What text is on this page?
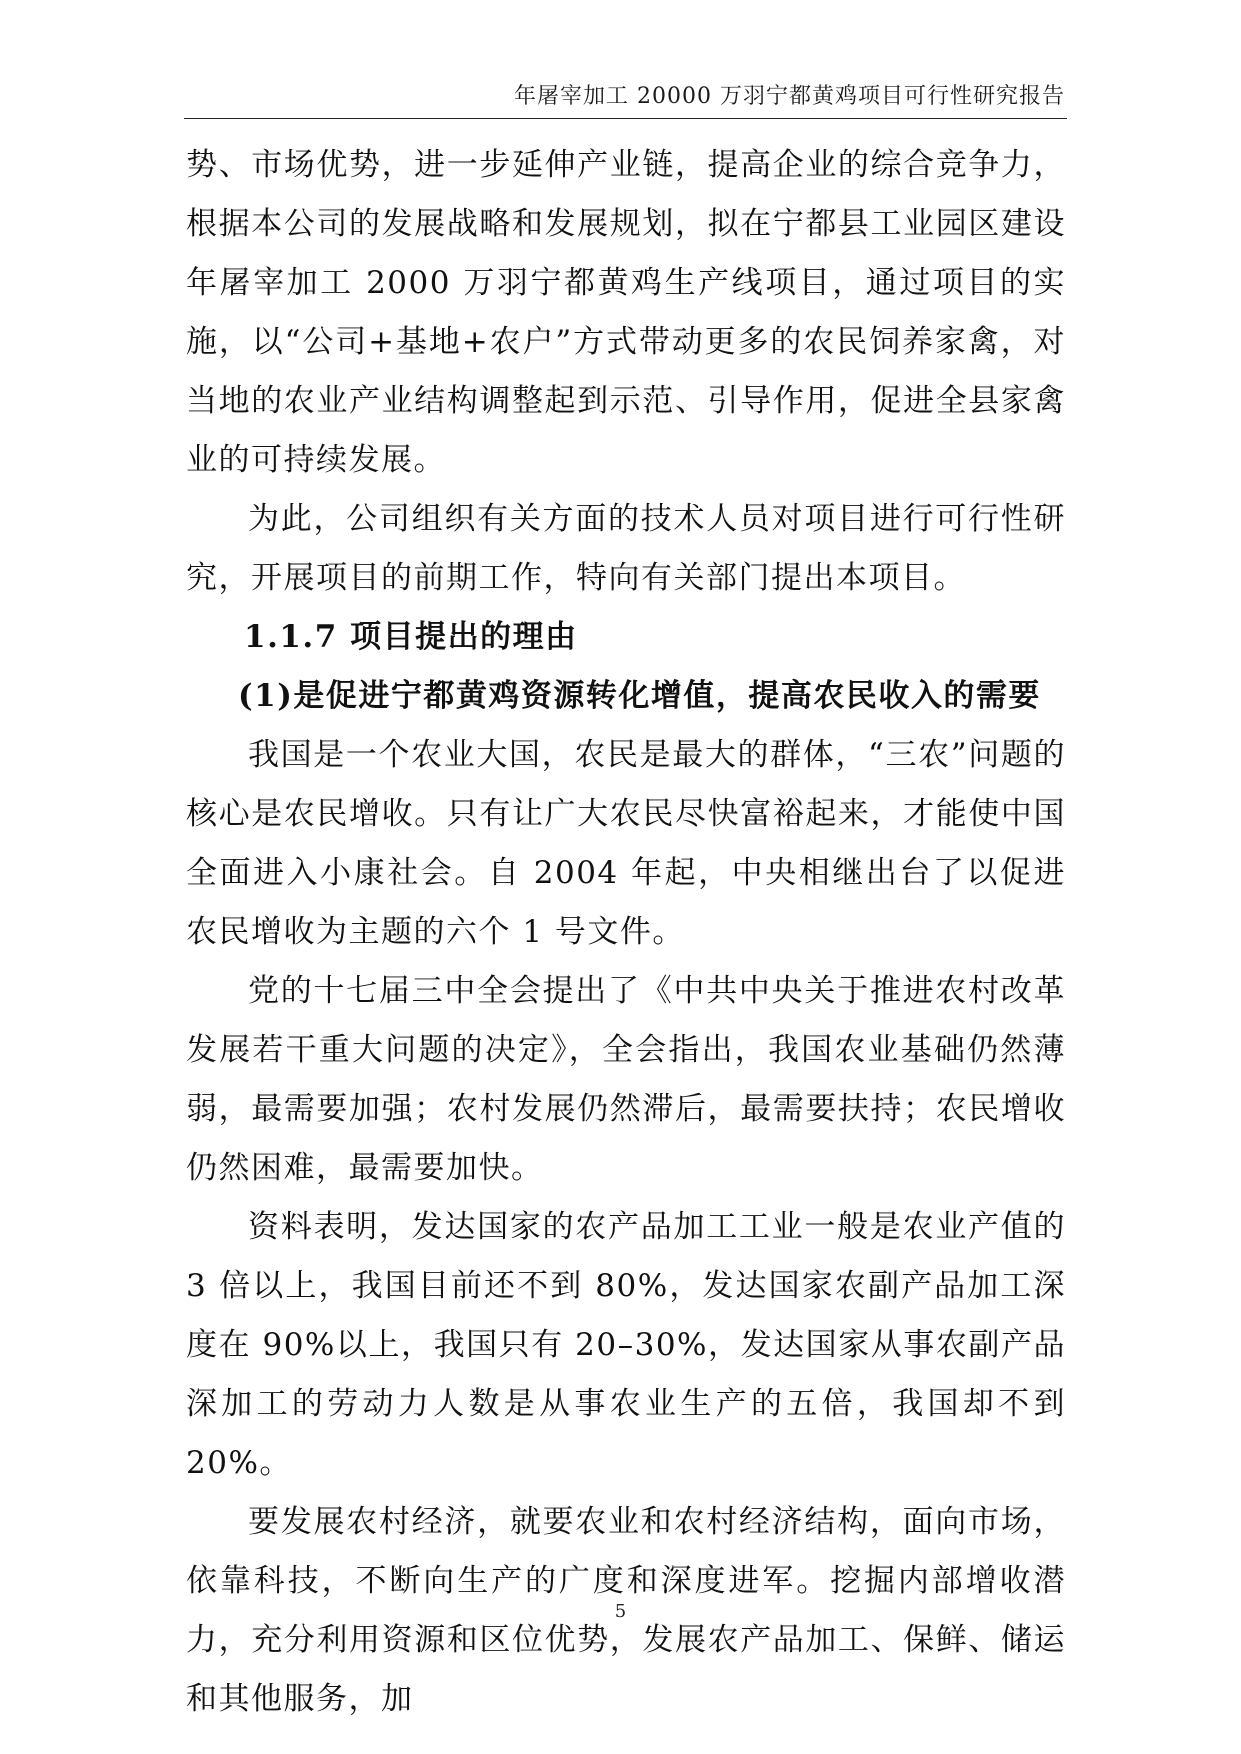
年屠宰加工 20000 万羽宁都黄鸡项目可行性研究报告

势、市场优势，进一步延伸产业链，提高企业的综合竞争力，根据本公司的发展战略和发展规划，拟在宁都县工业园区建设年屠宰加工 2000 万羽宁都黄鸡生产线项目，通过项目的实施，以“公司+基地+农户”方式带动更多的农民饲养家禽，对当地的农业产业结构调整起到示范、引导作用，促进全县家禽业的可持续发展。

为此，公司组织有关方面的技术人员对项目进行可行性研究，开展项目的前期工作，特向有关部门提出本项目。

1.1.7 项目提出的理由

(1)是促进宁都黄鸡资源转化增值，提高农民收入的需要

我国是一个农业大国，农民是最大的群体，“三农”问题的核心是农民增收。只有让广大农民尽快富裕起来，才能使中国全面进入小康社会。自 2004 年起，中央相继出台了以促进农民增收为主题的六个 1 号文件。

党的十七届三中全会提出了《中共中央关于推进农村改革发展若干重大问题的决定》，全会指出，我国农业基础仍然薄弱，最需要加强；农村发展仍然滞后，最需要扶持；农民增收仍然困难，最需要加快。

资料表明，发达国家的农产品加工工业一般是农业产值的 3 倍以上，我国目前还不到 80%，发达国家农副产品加工深度在 90%以上，我国只有 20–30%，发达国家从事农副产品深加工的劳动力人数是从事农业生产的五倍，我国却不到 20%。

要发展农村经济，就要农业和农村经济结构，面向市场，依靠科技，不断向生产的广度和深度进军。挖掘内部增收潜力，充分利用资源和区位优势，发展农产品加工、保鲜、储运和其他服务，加

5
